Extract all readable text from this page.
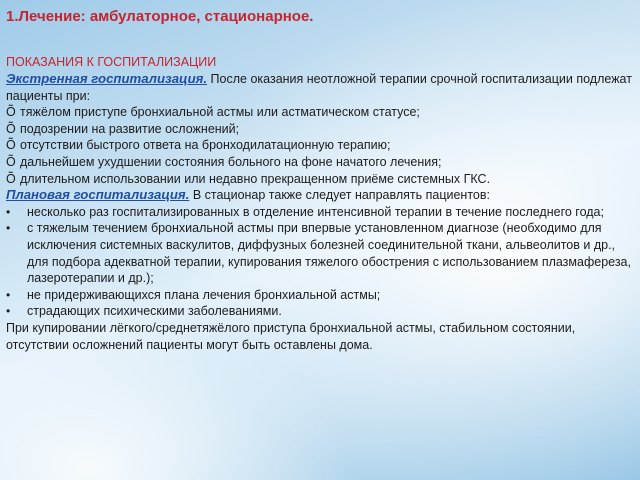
1.Лечение: амбулаторное, стационарное.
ПОКАЗАНИЯ К ГОСПИТАЛИЗАЦИИ

Экстренная госпитализация. После оказания неотложной терапии срочной госпитализации подлежат пациенты при:

Õ тяжёлом приступе бронхиальной астмы или астматическом статусе;
Õ подозрении на развитие осложнений;
Õ отсутствии быстрого ответа на бронходилатационную терапию;
Õ дальнейшем ухудшении состояния больного на фоне начатого лечения;
Õ длительном использовании или недавно прекращенном приёме системных ГКС.

Плановая госпитализация. В стационар также следует направлять пациентов:

• несколько раз госпитализированных в отделение интенсивной терапии в течение последнего года;
• с тяжелым течением бронхиальной астмы при впервые установленном диагнозе (необходимо для исключения системных васкулитов, диффузных болезней соединительной ткани, альвеолитов и др., для подбора адекватной терапии, купирования тяжелого обострения с использованием плазмафереза, лазеротерапии и др.);
• не придерживающихся плана лечения бронхиальной астмы;
• страдающих психическими заболеваниями.

При купировании лёгкого/среднетяжёлого приступа бронхиальной астмы, стабильном состоянии, отсутствии осложнений пациенты могут быть оставлены дома.
